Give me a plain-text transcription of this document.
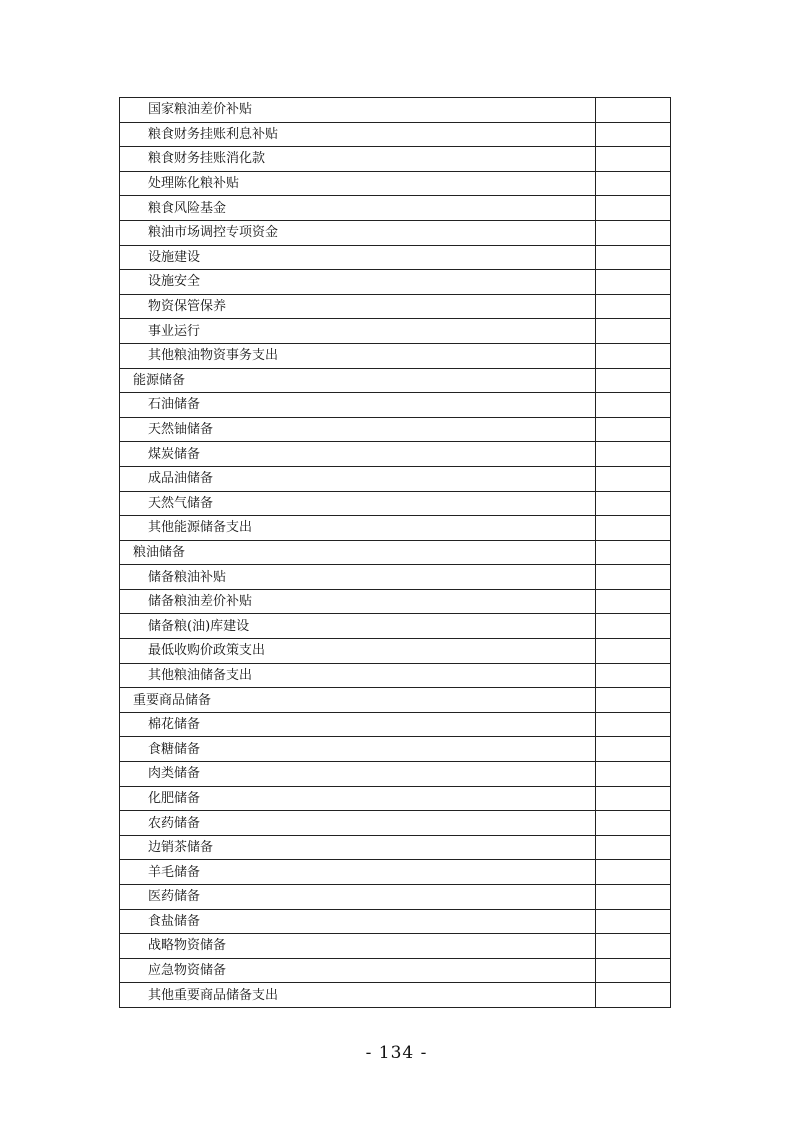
国家粮油差价补贴	
粮食财务挂账利息补贴	
粮食财务挂账消化款	
处理陈化粮补贴	
粮食风险基金	
粮油市场调控专项资金	
设施建设	
设施安全	
物资保管保养	
事业运行	
其他粮油物资事务支出	
能源储备	
石油储备	
天然铀储备	
煤炭储备	
成品油储备	
天然气储备	
其他能源储备支出	
粮油储备	
储备粮油补贴	
储备粮油差价补贴	
储备粮(油)库建设	
最低收购价政策支出	
其他粮油储备支出	
重要商品储备	
棉花储备	
食糖储备	
肉类储备	
化肥储备	
农药储备	
边销茶储备	
羊毛储备	
医药储备	
食盐储备	
战略物资储备	
应急物资储备	
其他重要商品储备支出	
- 134 -
